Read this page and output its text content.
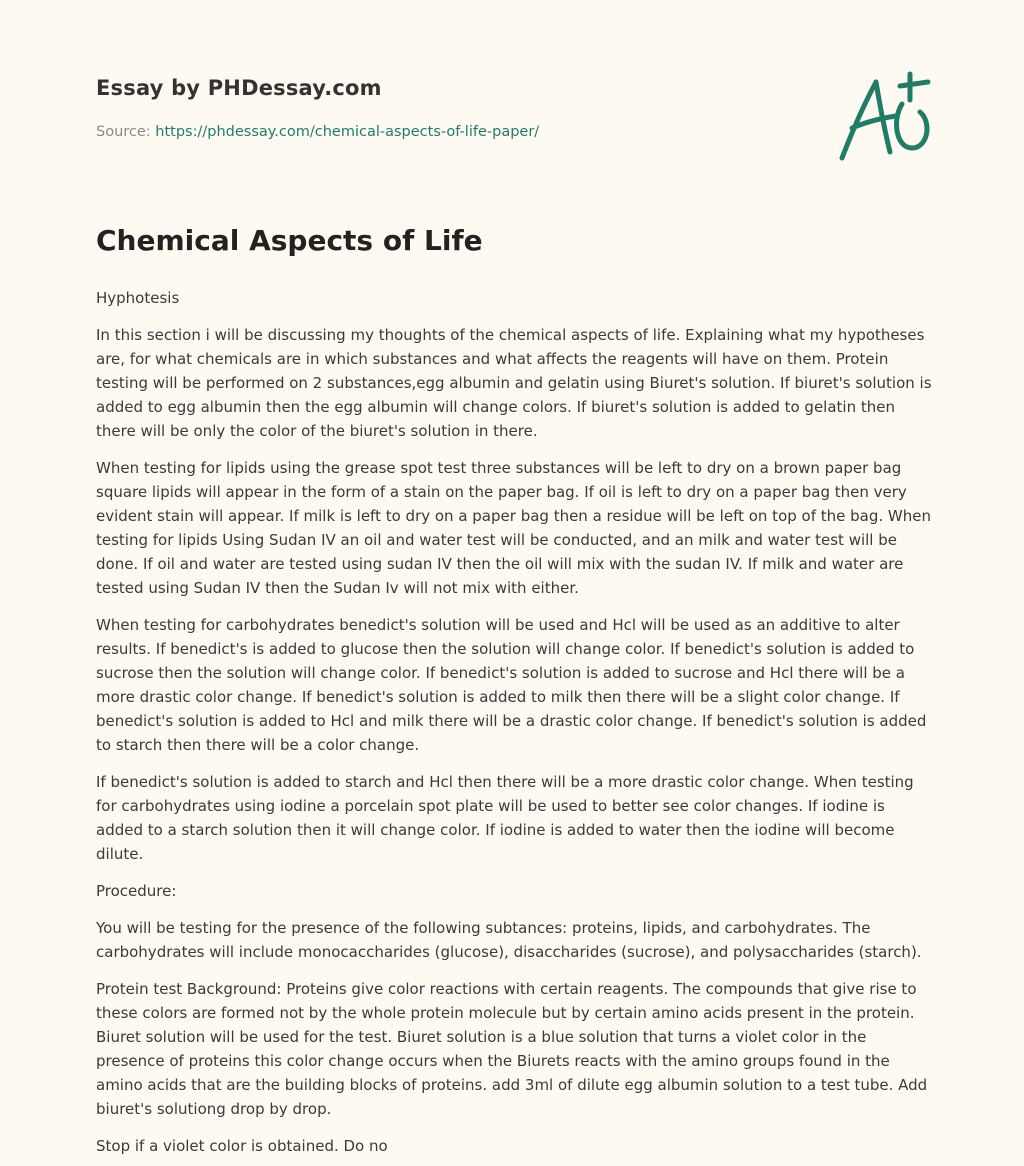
Essay by PHDessay.com
Source: https://phdessay.com/chemical-aspects-of-life-paper/
Chemical Aspects of Life

Hyphotesis

In this section i will be discussing my thoughts of the chemical aspects of life. Explaining what my hypotheses are, for what chemicals are in which substances and what affects the reagents will have on them. Protein testing will be performed on 2 substances,egg albumin and gelatin using Biuret's solution. If biuret's solution is added to egg albumin then the egg albumin will change colors. If biuret's solution is added to gelatin then there will be only the color of the biuret's solution in there.

When testing for lipids using the grease spot test three substances will be left to dry on a brown paper bag square lipids will appear in the form of a stain on the paper bag. If oil is left to dry on a paper bag then very evident stain will appear. If milk is left to dry on a paper bag then a residue will be left on top of the bag. When testing for lipids Using Sudan IV an oil and water test will be conducted, and an milk and water test will be done. If oil and water are tested using sudan IV then the oil will mix with the sudan IV. If milk and water are tested using Sudan IV then the Sudan Iv will not mix with either.

When testing for carbohydrates benedict's solution will be used and Hcl will be used as an additive to alter results. If benedict's is added to glucose then the solution will change color. If benedict's solution is added to sucrose then the solution will change color. If benedict's solution is added to sucrose and Hcl there will be a more drastic color change. If benedict's solution is added to milk then there will be a slight color change. If benedict's solution is added to Hcl and milk there will be a drastic color change. If benedict's solution is added to starch then there will be a color change.

If benedict's solution is added to starch and Hcl then there will be a more drastic color change. When testing for carbohydrates using iodine a porcelain spot plate will be used to better see color changes. If iodine is added to a starch solution then it will change color. If iodine is added to water then the iodine will become dilute.

Procedure:

You will be testing for the presence of the following subtances: proteins, lipids, and carbohydrates. The carbohydrates will include monocaccharides (glucose), disaccharides (sucrose), and polysaccharides (starch).

Protein test Background: Proteins give color reactions with certain reagents. The compounds that give rise to these colors are formed not by the whole protein molecule but by certain amino acids present in the protein. Biuret solution will be used for the test. Biuret solution is a blue solution that turns a violet color in the presence of proteins this color change occurs when the Biurets reacts with the amino groups found in the amino acids that are the building blocks of proteins. add 3ml of dilute egg albumin solution to a test tube. Add biuret's solutiong drop by drop.

Stop if a violet color is obtained. Do no
